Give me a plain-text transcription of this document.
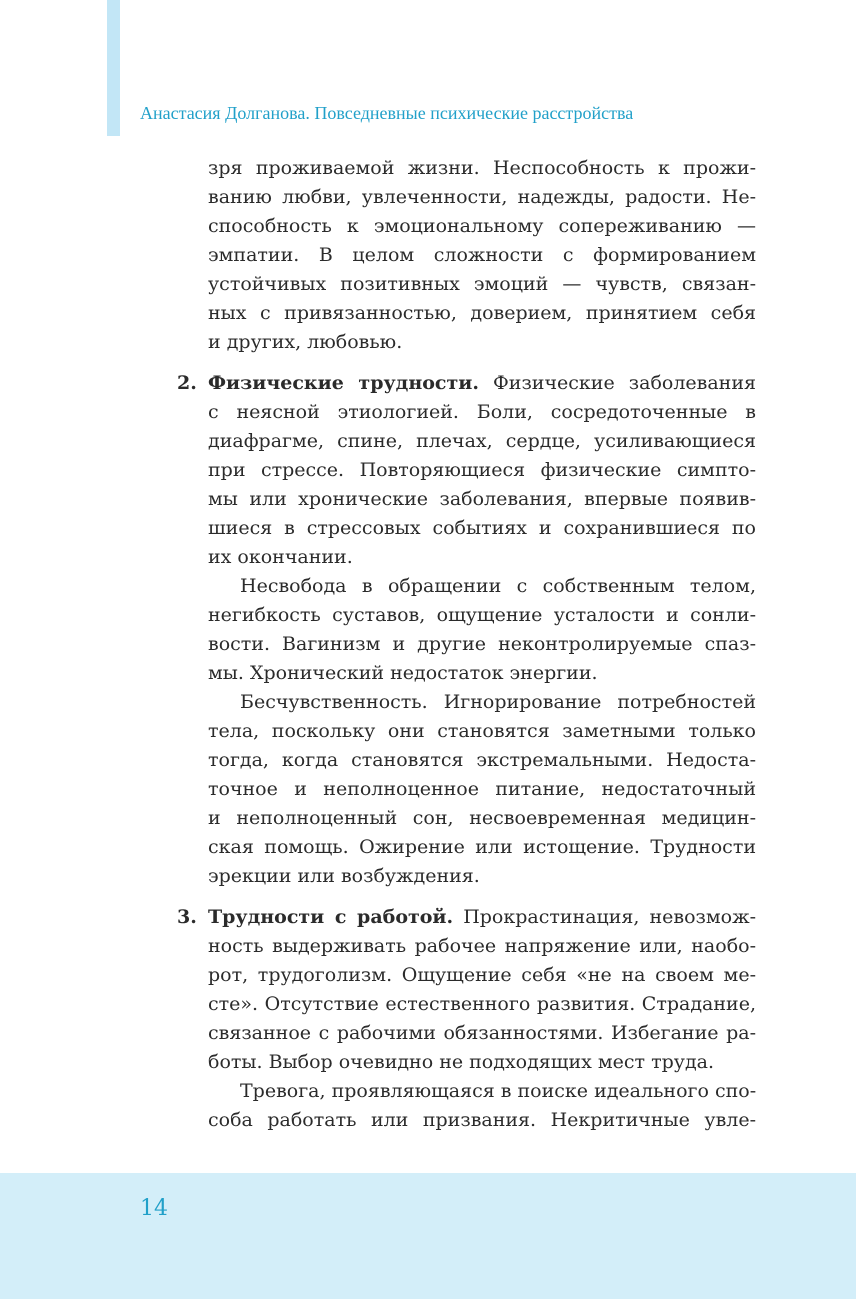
Анастасия Долганова. Повседневные психические расстройства
зря проживаемой жизни. Неспособность к прожи-
ванию любви, увлеченности, надежды, радости. Не-
способность к эмоциональному сопереживанию —
эмпатии. В целом сложности с формированием
устойчивых позитивных эмоций — чувств, связан-
ных с привязанностью, доверием, принятием себя
и других, любовью.
2. Физические трудности. Физические заболевания
с неясной этиологией. Боли, сосредоточенные в
диафрагме, спине, плечах, сердце, усиливающиеся
при стрессе. Повторяющиеся физические симпто-
мы или хронические заболевания, впервые появив-
шиеся в стрессовых событиях и сохранившиеся по
их окончании.
Несвобода в обращении с собственным телом,
негибкость суставов, ощущение усталости и сонли-
вости. Вагинизм и другие неконтролируемые спаз-
мы. Хронический недостаток энергии.
Бесчувственность. Игнорирование потребностей
тела, поскольку они становятся заметными только
тогда, когда становятся экстремальными. Недоста-
точное и неполноценное питание, недостаточный
и неполноценный сон, несвоевременная медицин-
ская помощь. Ожирение или истощение. Трудности
эрекции или возбуждения.
3. Трудности с работой. Прокрастинация, невозмож-
ность выдерживать рабочее напряжение или, наобо-
рот, трудоголизм. Ощущение себя «не на своем ме-
сте». Отсутствие естественного развития. Страдание,
связанное с рабочими обязанностями. Избегание ра-
боты. Выбор очевидно не подходящих мест труда.
Тревога, проявляющаяся в поиске идеального спо-
соба работать или призвания. Некритичные увле-
14
